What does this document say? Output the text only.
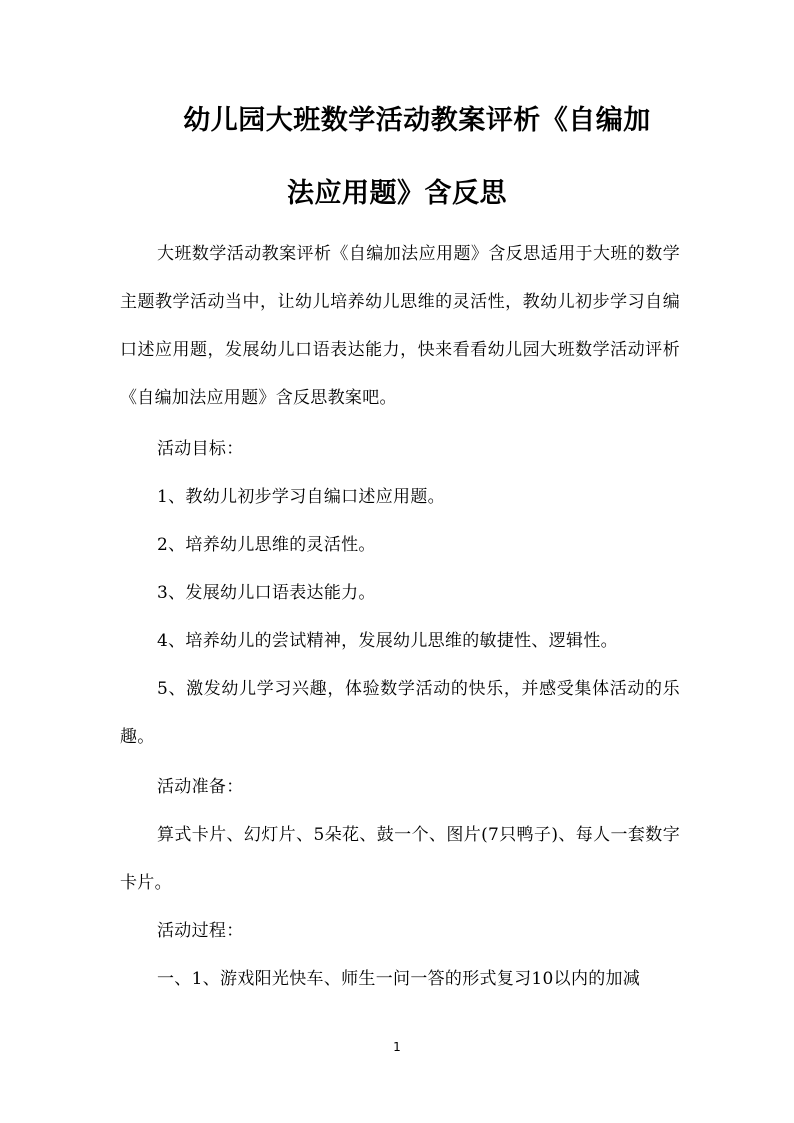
幼儿园大班数学活动教案评析《自编加
法应用题》含反思
大班数学活动教案评析《自编加法应用题》含反思适用于大班的数学主题教学活动当中，让幼儿培养幼儿思维的灵活性，教幼儿初步学习自编口述应用题，发展幼儿口语表达能力，快来看看幼儿园大班数学活动评析《自编加法应用题》含反思教案吧。
活动目标：
1、教幼儿初步学习自编口述应用题。
2、培养幼儿思维的灵活性。
3、发展幼儿口语表达能力。
4、培养幼儿的尝试精神，发展幼儿思维的敏捷性、逻辑性。
5、激发幼儿学习兴趣，体验数学活动的快乐，并感受集体活动的乐趣。
活动准备：
算式卡片、幻灯片、5朵花、鼓一个、图片(7只鸭子)、每人一套数字卡片。
活动过程：
一、1、游戏阳光快车、师生一问一答的形式复习10以内的加减
1
